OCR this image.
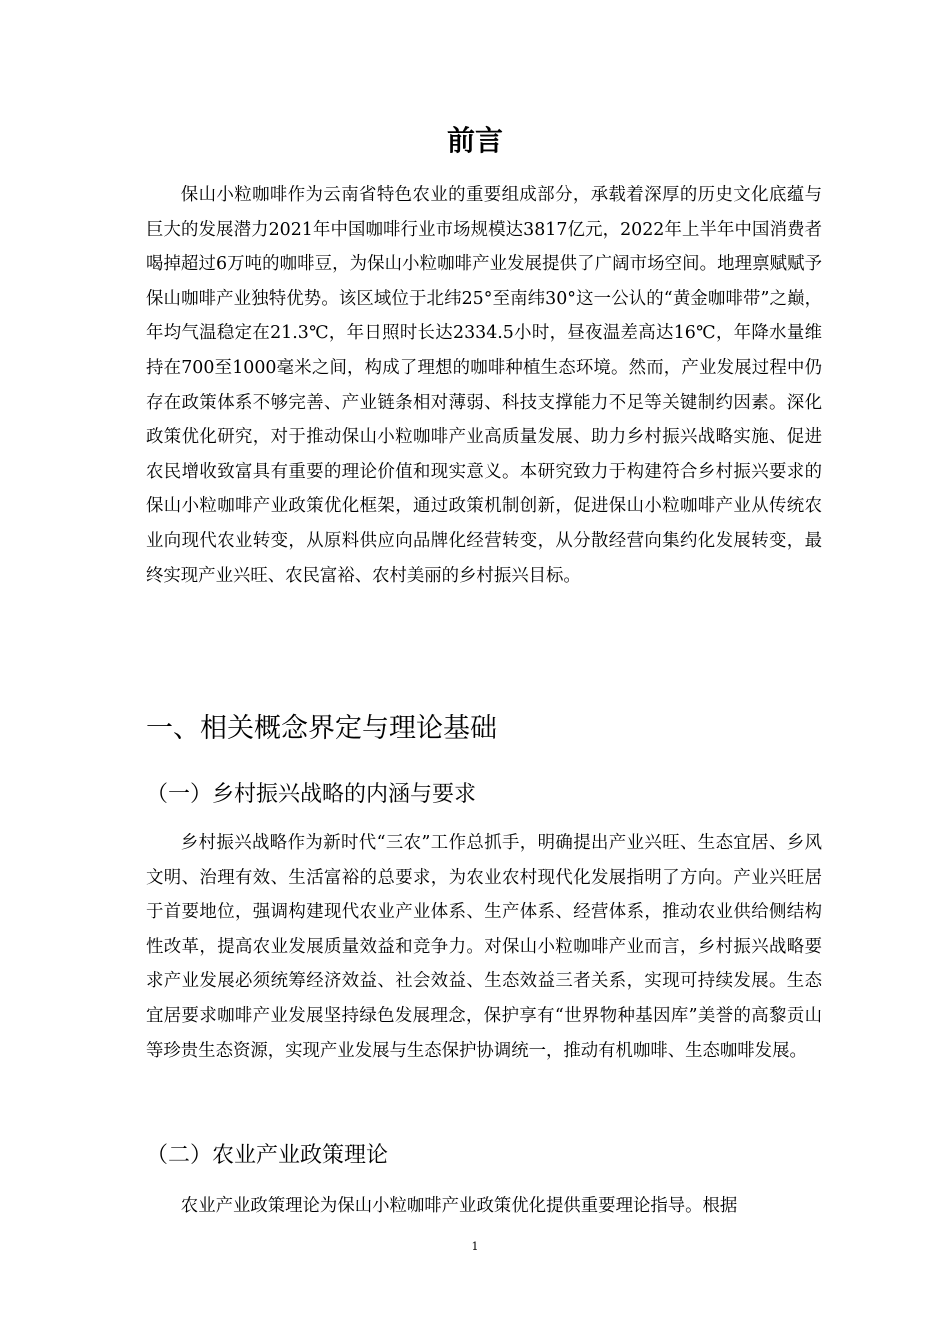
前言

保山小粒咖啡作为云南省特色农业的重要组成部分，承载着深厚的历史文化底蕴与巨大的发展潜力2021年中国咖啡行业市场规模达3817亿元，2022年上半年中国消费者喝掉超过6万吨的咖啡豆，为保山小粒咖啡产业发展提供了广阔市场空间。地理禀赋赋予保山咖啡产业独特优势。该区域位于北纬25°至南纬30°这一公认的“黄金咖啡带”之巅，年均气温稳定在21.3℃，年日照时长达2334.5小时，昼夜温差高达16℃，年降水量维持在700至1000毫米之间，构成了理想的咖啡种植生态环境。然而，产业发展过程中仍存在政策体系不够完善、产业链条相对薄弱、科技支撑能力不足等关键制约因素。深化政策优化研究，对于推动保山小粒咖啡产业高质量发展、助力乡村振兴战略实施、促进农民增收致富具有重要的理论价值和现实意义。本研究致力于构建符合乡村振兴要求的保山小粒咖啡产业政策优化框架，通过政策机制创新，促进保山小粒咖啡产业从传统农业向现代农业转变，从原料供应向品牌化经营转变，从分散经营向集约化发展转变，最终实现产业兴旺、农民富裕、农村美丽的乡村振兴目标。

一、相关概念界定与理论基础
（一）乡村振兴战略的内涵与要求

乡村振兴战略作为新时代“三农”工作总抓手，明确提出产业兴旺、生态宜居、乡风文明、治理有效、生活富裕的总要求，为农业农村现代化发展指明了方向。产业兴旺居于首要地位，强调构建现代农业产业体系、生产体系、经营体系，推动农业供给侧结构性改革，提高农业发展质量效益和竞争力。对保山小粒咖啡产业而言，乡村振兴战略要求产业发展必须统筹经济效益、社会效益、生态效益三者关系，实现可持续发展。生态宜居要求咖啡产业发展坚持绿色发展理念，保护享有“世界物种基因库”美誉的高黎贡山等珍贵生态资源，实现产业发展与生态保护协调统一，推动有机咖啡、生态咖啡发展。

（二）农业产业政策理论

农业产业政策理论为保山小粒咖啡产业政策优化提供重要理论指导。根据

1
